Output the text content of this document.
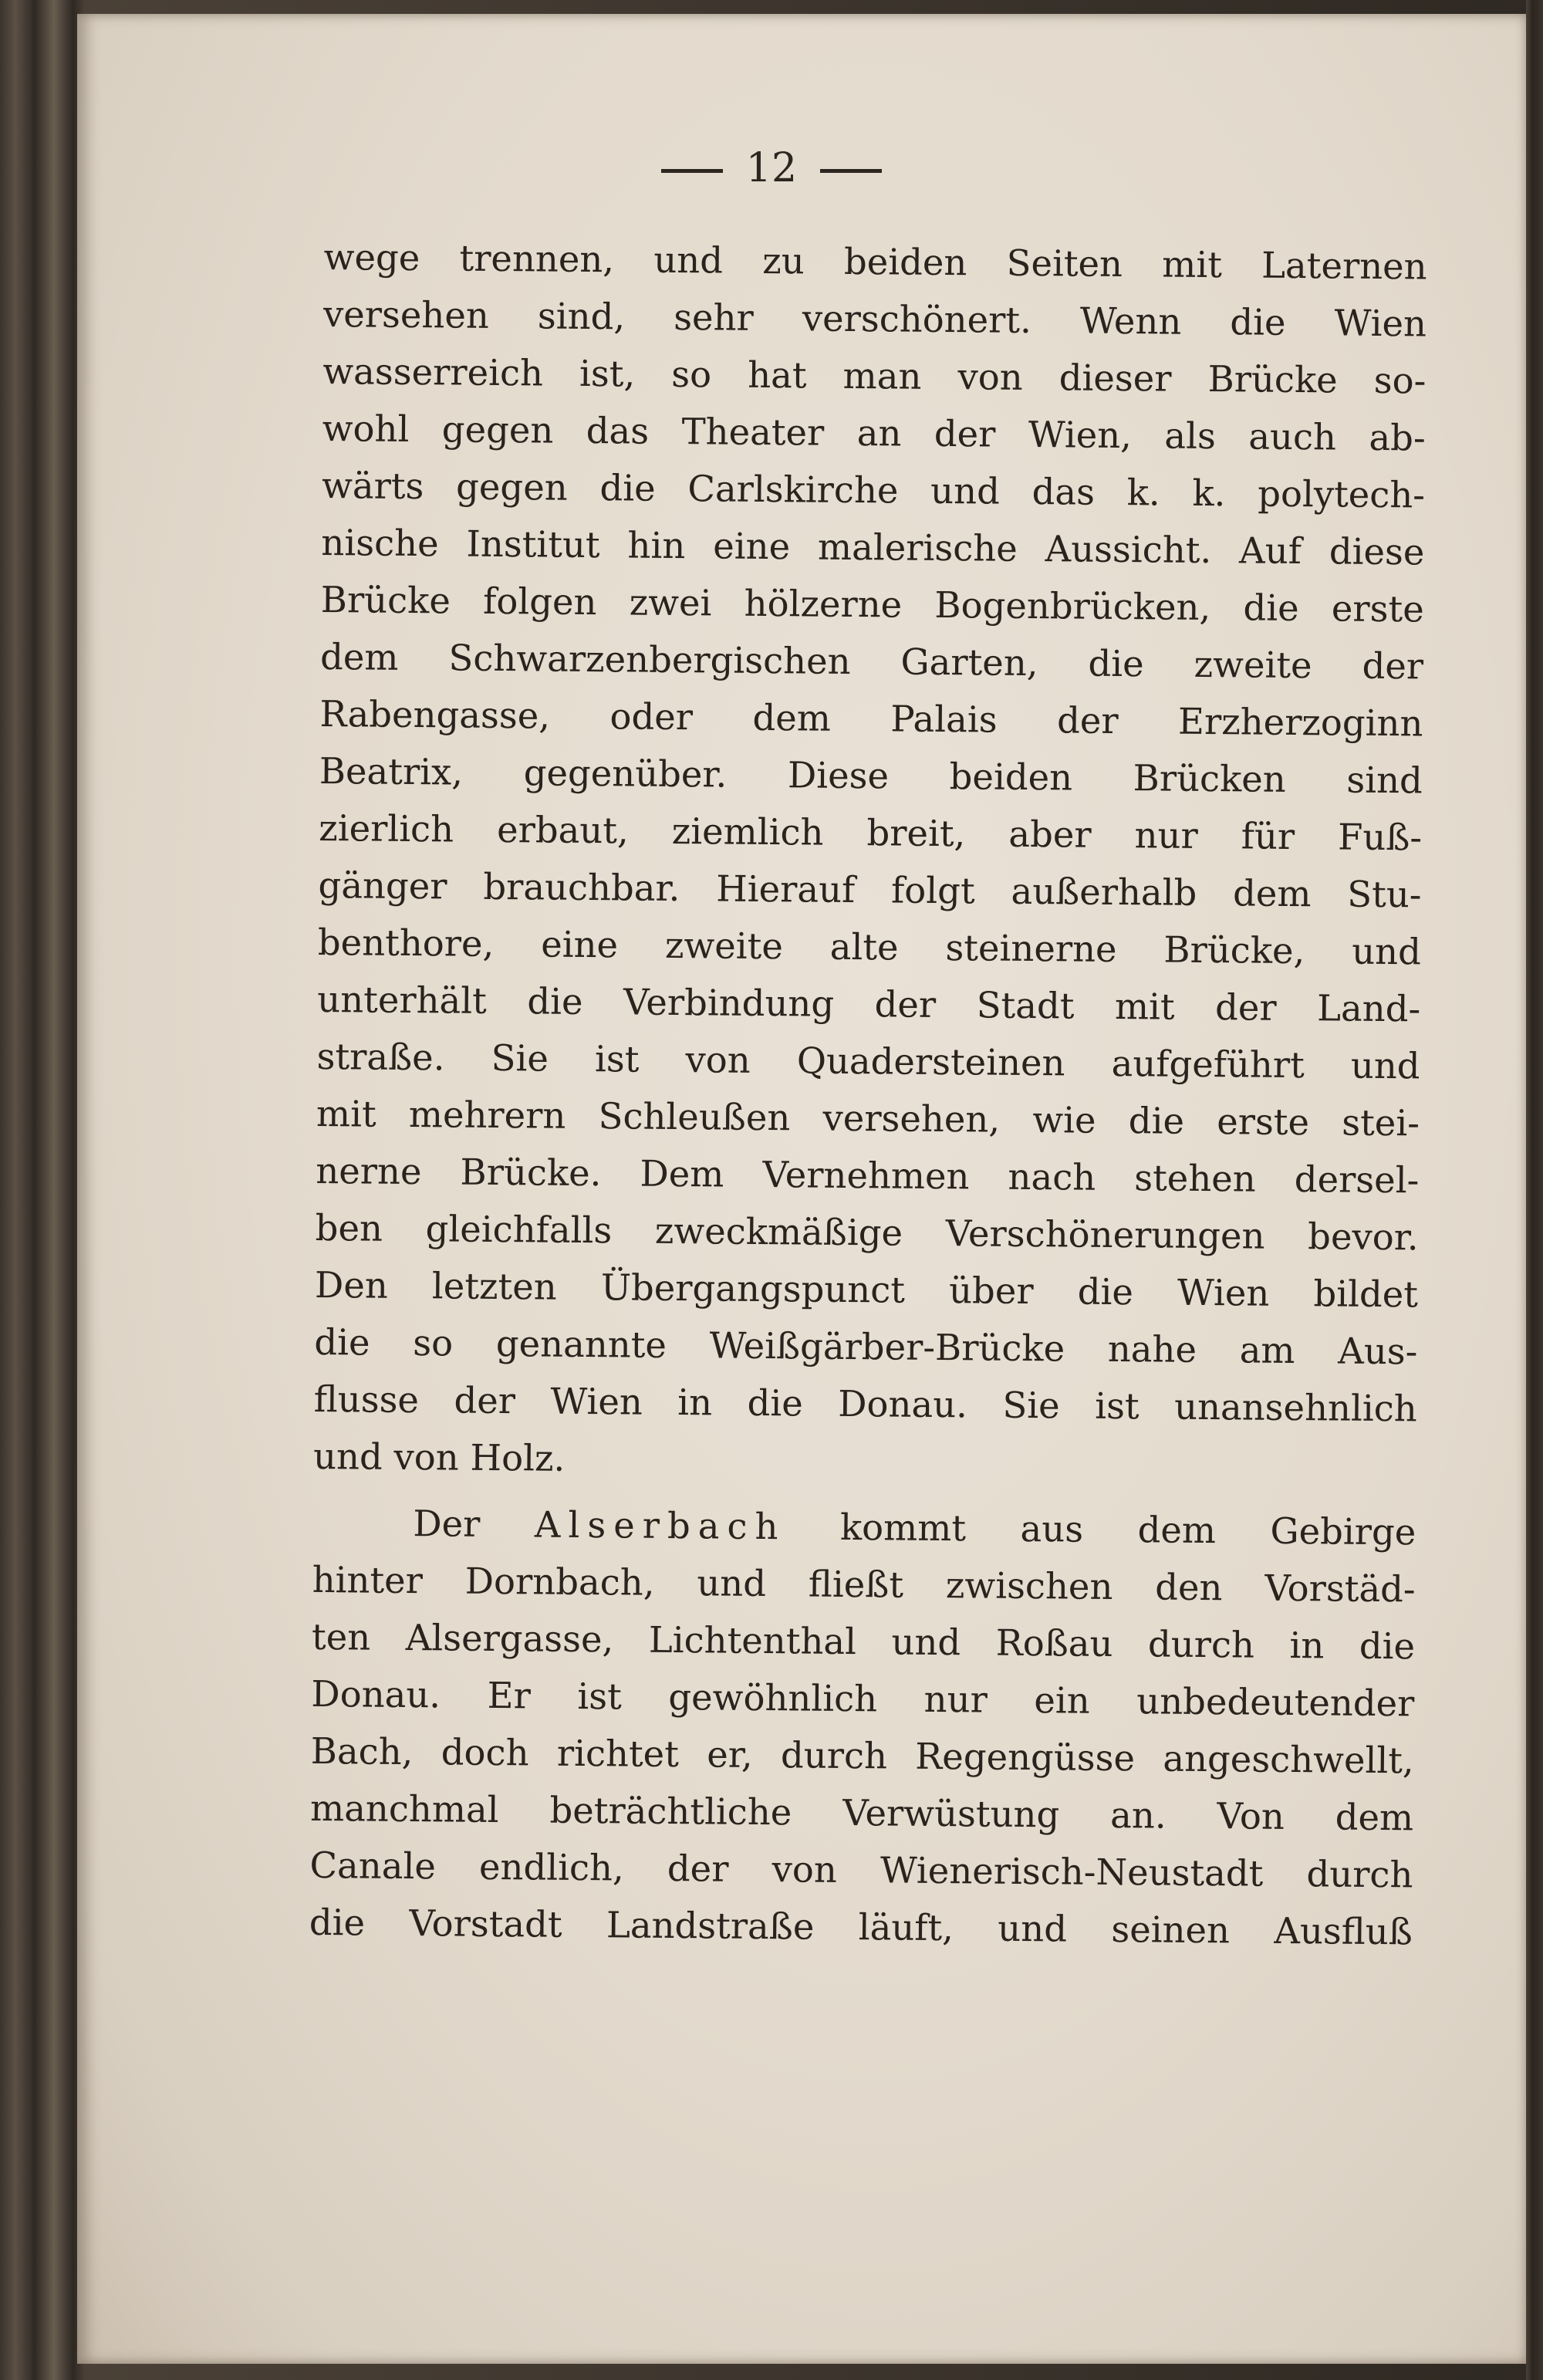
12
wege trennen, und zu beiden Seiten mit Laternen
versehen sind, sehr verschönert. Wenn die Wien
wasserreich ist, so hat man von dieser Brücke so-
wohl gegen das Theater an der Wien, als auch ab-
wärts gegen die Carlskirche und das k. k. polytech-
nische Institut hin eine malerische Aussicht. Auf diese
Brücke folgen zwei hölzerne Bogenbrücken, die erste
dem Schwarzenbergischen Garten, die zweite der
Rabengasse, oder dem Palais der Erzherzoginn
Beatrix, gegenüber. Diese beiden Brücken sind
zierlich erbaut, ziemlich breit, aber nur für Fuß-
gänger brauchbar. Hierauf folgt außerhalb dem Stu-
benthore, eine zweite alte steinerne Brücke, und
unterhält die Verbindung der Stadt mit der Land-
straße. Sie ist von Quadersteinen aufgeführt und
mit mehrern Schleußen versehen, wie die erste stei-
nerne Brücke. Dem Vernehmen nach stehen dersel-
ben gleichfalls zweckmäßige Verschönerungen bevor.
Den letzten Übergangspunct über die Wien bildet
die so genannte Weißgärber-Brücke nahe am Aus-
flusse der Wien in die Donau. Sie ist unansehnlich
und von Holz.
Der Alserbach kommt aus dem Gebirge
hinter Dornbach, und fließt zwischen den Vorstäd-
ten Alsergasse, Lichtenthal und Roßau durch in die
Donau. Er ist gewöhnlich nur ein unbedeutender
Bach, doch richtet er, durch Regengüsse angeschwellt,
manchmal beträchtliche Verwüstung an. Von dem
Canale endlich, der von Wienerisch-Neustadt durch
die Vorstadt Landstraße läuft, und seinen Ausfluß
